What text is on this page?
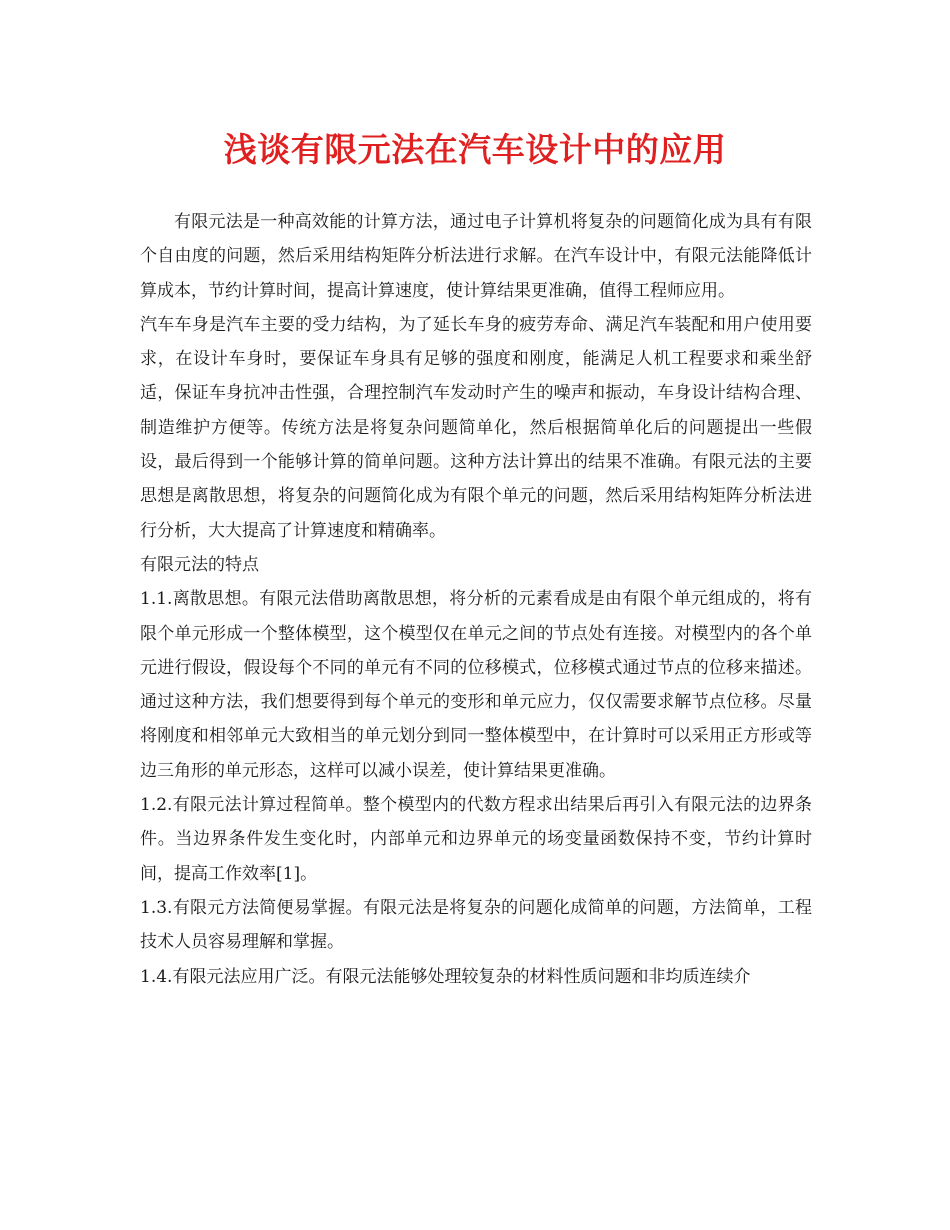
浅谈有限元法在汽车设计中的应用

有限元法是一种高效能的计算方法，通过电子计算机将复杂的问题简化成为具有有限个自由度的问题，然后采用结构矩阵分析法进行求解。在汽车设计中，有限元法能降低计算成本，节约计算时间，提高计算速度，使计算结果更准确，值得工程师应用。

汽车车身是汽车主要的受力结构，为了延长车身的疲劳寿命、满足汽车装配和用户使用要求，在设计车身时，要保证车身具有足够的强度和刚度，能满足人机工程要求和乘坐舒适，保证车身抗冲击性强，合理控制汽车发动时产生的噪声和振动，车身设计结构合理、制造维护方便等。传统方法是将复杂问题简单化，然后根据简单化后的问题提出一些假设，最后得到一个能够计算的简单问题。这种方法计算出的结果不准确。有限元法的主要思想是离散思想，将复杂的问题简化成为有限个单元的问题，然后采用结构矩阵分析法进行分析，大大提高了计算速度和精确率。

有限元法的特点

1.1.离散思想。有限元法借助离散思想，将分析的元素看成是由有限个单元组成的，将有限个单元形成一个整体模型，这个模型仅在单元之间的节点处有连接。对模型内的各个单元进行假设，假设每个不同的单元有不同的位移模式，位移模式通过节点的位移来描述。通过这种方法，我们想要得到每个单元的变形和单元应力，仅仅需要求解节点位移。尽量将刚度和相邻单元大致相当的单元划分到同一整体模型中，在计算时可以采用正方形或等边三角形的单元形态，这样可以减小误差，使计算结果更准确。

1.2.有限元法计算过程简单。整个模型内的代数方程求出结果后再引入有限元法的边界条件。当边界条件发生变化时，内部单元和边界单元的场变量函数保持不变，节约计算时间，提高工作效率[1]。

1.3.有限元方法简便易掌握。有限元法是将复杂的问题化成简单的问题，方法简单，工程技术人员容易理解和掌握。

1.4.有限元法应用广泛。有限元法能够处理较复杂的材料性质问题和非均质连续介
